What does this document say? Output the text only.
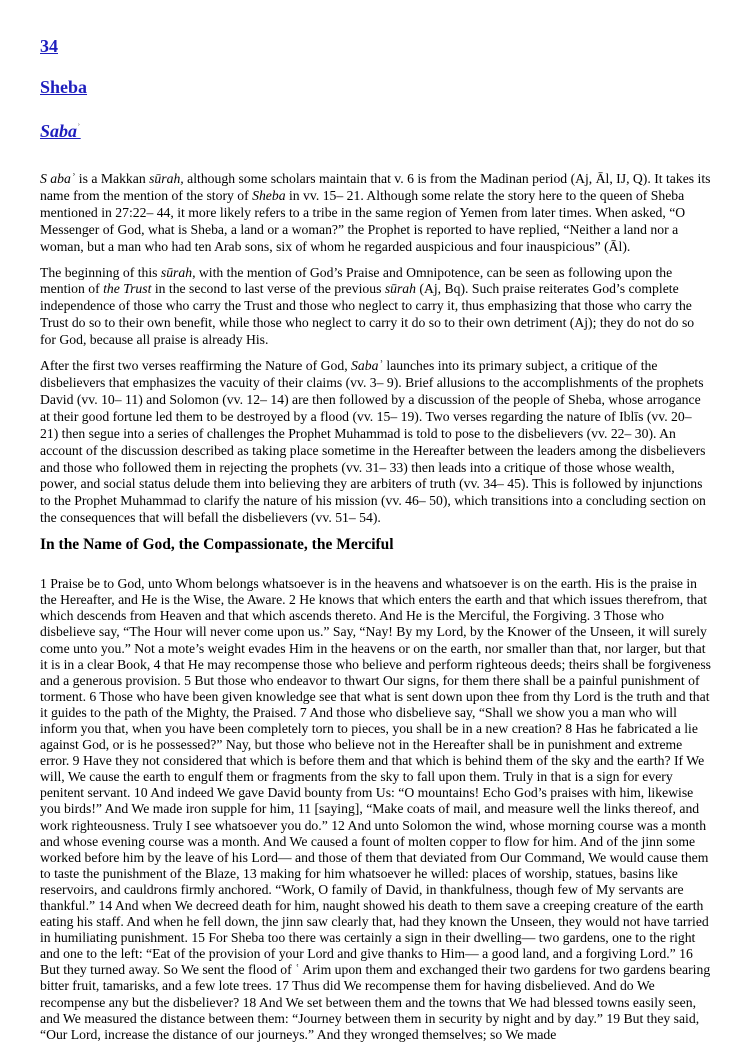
34
Sheba
Saba$^ʾ$

S abaʾ is a Makkan sūrah, although some scholars maintain that v. 6 is from the Madinan period (Aj, Āl, IJ, Q). It takes its name from the mention of the story of Sheba in vv. 15– 21. Although some relate the story here to the queen of Sheba mentioned in 27:22– 44, it more likely refers to a tribe in the same region of Yemen from later times. When asked, “O Messenger of God, what is Sheba, a land or a woman?” the Prophet is reported to have replied, “Neither a land nor a woman, but a man who had ten Arab sons, six of whom he regarded auspicious and four inauspicious” (Āl).

The beginning of this sūrah, with the mention of God’s Praise and Omnipotence, can be seen as following upon the mention of the Trust in the second to last verse of the previous sūrah (Aj, Bq). Such praise reiterates God’s complete independence of those who carry the Trust and those who neglect to carry it, thus emphasizing that those who carry the Trust do so to their own benefit, while those who neglect to carry it do so to their own detriment (Aj); they do not do so for God, because all praise is already His.

After the first two verses reaffirming the Nature of God, Sabaʾ launches into its primary subject, a critique of the disbelievers that emphasizes the vacuity of their claims (vv. 3– 9). Brief allusions to the accomplishments of the prophets David (vv. 10– 11) and Solomon (vv. 12– 14) are then followed by a discussion of the people of Sheba, whose arrogance at their good fortune led them to be destroyed by a flood (vv. 15– 19). Two verses regarding the nature of Iblīs (vv. 20– 21) then segue into a series of challenges the Prophet Muhammad is told to pose to the disbelievers (vv. 22– 30). An account of the discussion described as taking place sometime in the Hereafter between the leaders among the disbelievers and those who followed them in rejecting the prophets (vv. 31– 33) then leads into a critique of those whose wealth, power, and social status delude them into believing they are arbiters of truth (vv. 34– 45). This is followed by injunctions to the Prophet Muhammad to clarify the nature of his mission (vv. 46– 50), which transitions into a concluding section on the consequences that will befall the disbelievers (vv. 51– 54).

In the Name of God, the Compassionate, the Merciful

1 Praise be to God, unto Whom belongs whatsoever is in the heavens and whatsoever is on the earth. His is the praise in the Hereafter, and He is the Wise, the Aware. 2 He knows that which enters the earth and that which issues therefrom, that which descends from Heaven and that which ascends thereto. And He is the Merciful, the Forgiving. 3 Those who disbelieve say, “The Hour will never come upon us.” Say, “Nay! By my Lord, by the Knower of the Unseen, it will surely come unto you.” Not a mote’s weight evades Him in the heavens or on the earth, nor smaller than that, nor larger, but that it is in a clear Book, 4 that He may recompense those who believe and perform righteous deeds; theirs shall be forgiveness and a generous provision. 5 But those who endeavor to thwart Our signs, for them there shall be a painful punishment of torment. 6 Those who have been given knowledge see that what is sent down upon thee from thy Lord is the truth and that it guides to the path of the Mighty, the Praised. 7 And those who disbelieve say, “Shall we show you a man who will inform you that, when you have been completely torn to pieces, you shall be in a new creation? 8 Has he fabricated a lie against God, or is he possessed?” Nay, but those who believe not in the Hereafter shall be in punishment and extreme error. 9 Have they not considered that which is before them and that which is behind them of the sky and the earth? If We will, We cause the earth to engulf them or fragments from the sky to fall upon them. Truly in that is a sign for every penitent servant. 10 And indeed We gave David bounty from Us: “O mountains! Echo God’s praises with him, likewise you birds!” And We made iron supple for him, 11 [saying], “Make coats of mail, and measure well the links thereof, and work righteousness. Truly I see whatsoever you do.” 12 And unto Solomon the wind, whose morning course was a month and whose evening course was a month. And We caused a fount of molten copper to flow for him. And of the jinn some worked before him by the leave of his Lord— and those of them that deviated from Our Command, We would cause them to taste the punishment of the Blaze, 13 making for him whatsoever he willed: places of worship, statues, basins like reservoirs, and cauldrons firmly anchored. “Work, O family of David, in thankfulness, though few of My servants are thankful.” 14 And when We decreed death for him, naught showed his death to them save a creeping creature of the earth eating his staff. And when he fell down, the jinn saw clearly that, had they known the Unseen, they would not have tarried in humiliating punishment. 15 For Sheba too there was certainly a sign in their dwelling— two gardens, one to the right and one to the left: “Eat of the provision of your Lord and give thanks to Him— a good land, and a forgiving Lord.” 16 But they turned away. So We sent the flood of ʿ Arim upon them and exchanged their two gardens for two gardens bearing bitter fruit, tamarisks, and a few lote trees. 17 Thus did We recompense them for having disbelieved. And do We recompense any but the disbeliever? 18 And We set between them and the towns that We had blessed towns easily seen, and We measured the distance between them: “Journey between them in security by night and by day.” 19 But they said, “Our Lord, increase the distance of our journeys.” And they wronged themselves; so We made
